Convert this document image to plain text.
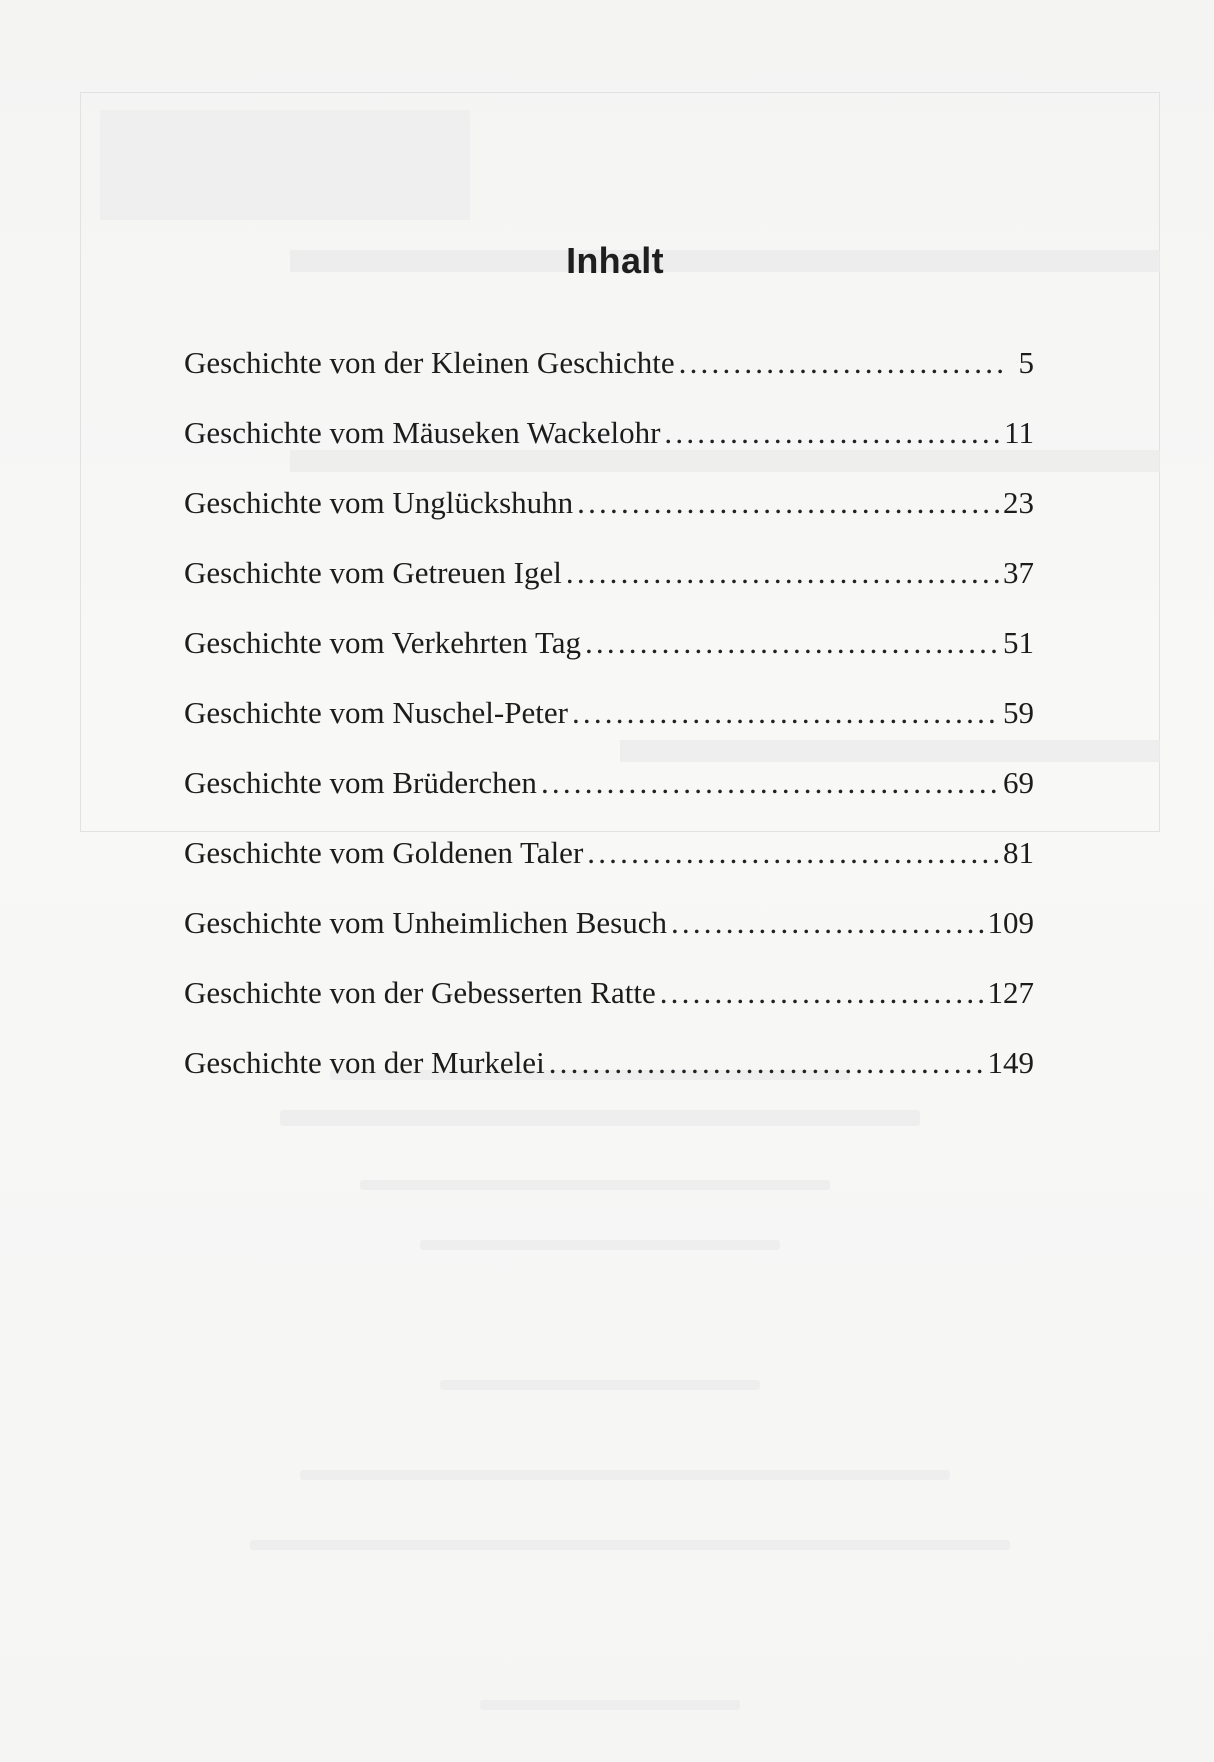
Inhalt
Geschichte von der Kleinen Geschichte .....	5
Geschichte vom Mäuseken Wackelohr .....	11
Geschichte vom Unglückshuhn .....	23
Geschichte vom Getreuen Igel .....	37
Geschichte vom Verkehrten Tag .....	51
Geschichte vom Nuschel-Peter .....	59
Geschichte vom Brüderchen .....	69
Geschichte vom Goldenen Taler .....	81
Geschichte vom Unheimlichen Besuch .....	109
Geschichte von der Gebesserten Ratte .....	127
Geschichte von der Murkelei .....	149
